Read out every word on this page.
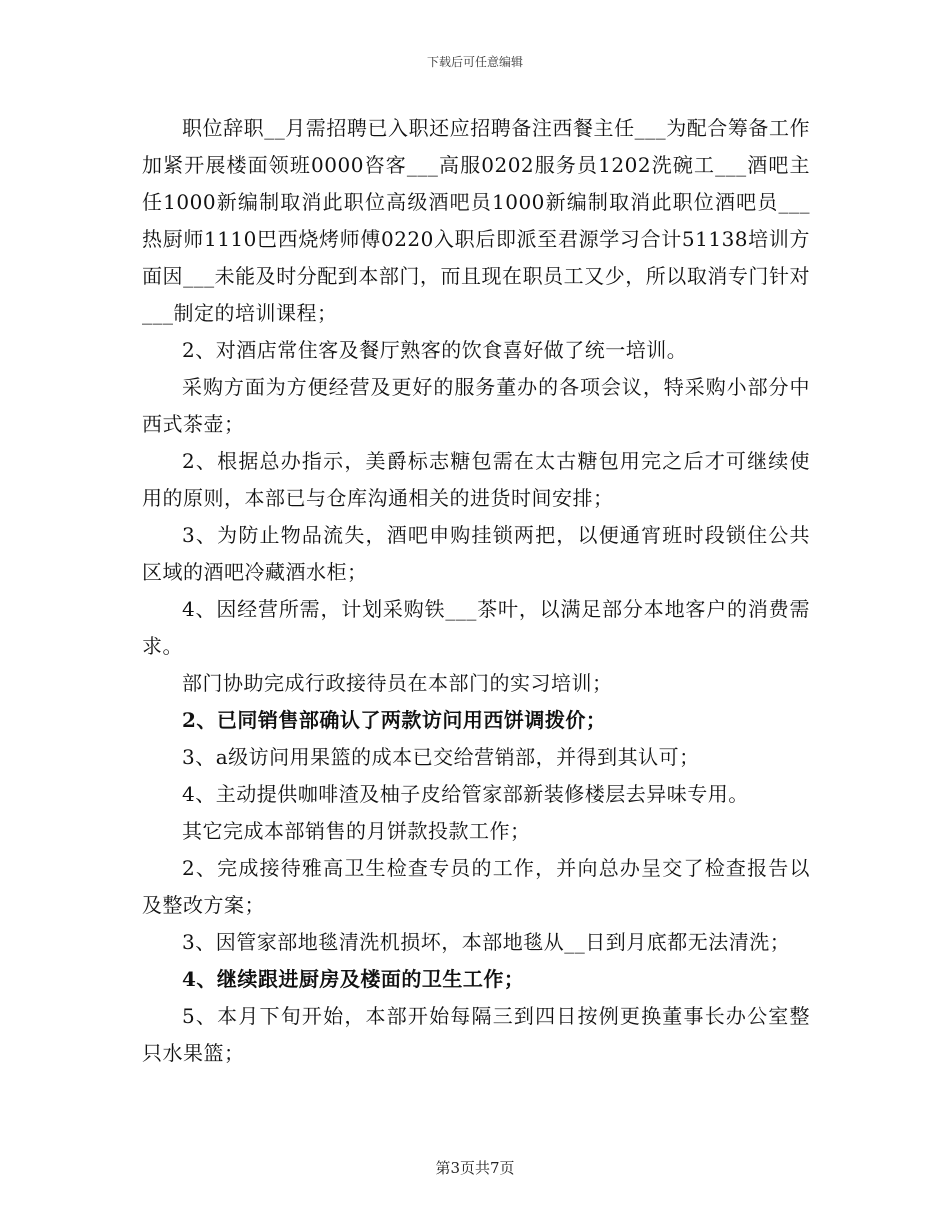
下载后可任意编辑

职位辞职__月需招聘已入职还应招聘备注西餐主任___为配合筹备工作加紧开展楼面领班0000咨客___高服0202服务员1202洗碗工___酒吧主任1000新编制取消此职位高级酒吧员1000新编制取消此职位酒吧员___热厨师1110巴西烧烤师傅0220入职后即派至君源学习合计51138培训方面因___未能及时分配到本部门，而且现在职员工又少，所以取消专门针对___制定的培训课程；

2、对酒店常住客及餐厅熟客的饮食喜好做了统一培训。

采购方面为方便经营及更好的服务董办的各项会议，特采购小部分中西式茶壶；

2、根据总办指示，美爵标志糖包需在太古糖包用完之后才可继续使用的原则，本部已与仓库沟通相关的进货时间安排；

3、为防止物品流失，酒吧申购挂锁两把，以便通宵班时段锁住公共区域的酒吧冷藏酒水柜；

4、因经营所需，计划采购铁___茶叶，以满足部分本地客户的消费需求。

部门协助完成行政接待员在本部门的实习培训；

2、已同销售部确认了两款访问用西饼调拨价；

3、a级访问用果篮的成本已交给营销部，并得到其认可；

4、主动提供咖啡渣及柚子皮给管家部新装修楼层去异味专用。

其它完成本部销售的月饼款投款工作；

2、完成接待雅高卫生检查专员的工作，并向总办呈交了检查报告以及整改方案；

3、因管家部地毯清洗机损坏，本部地毯从__日到月底都无法清洗；

4、继续跟进厨房及楼面的卫生工作；

5、本月下旬开始，本部开始每隔三到四日按例更换董事长办公室整只水果篮；

第3页共7页
